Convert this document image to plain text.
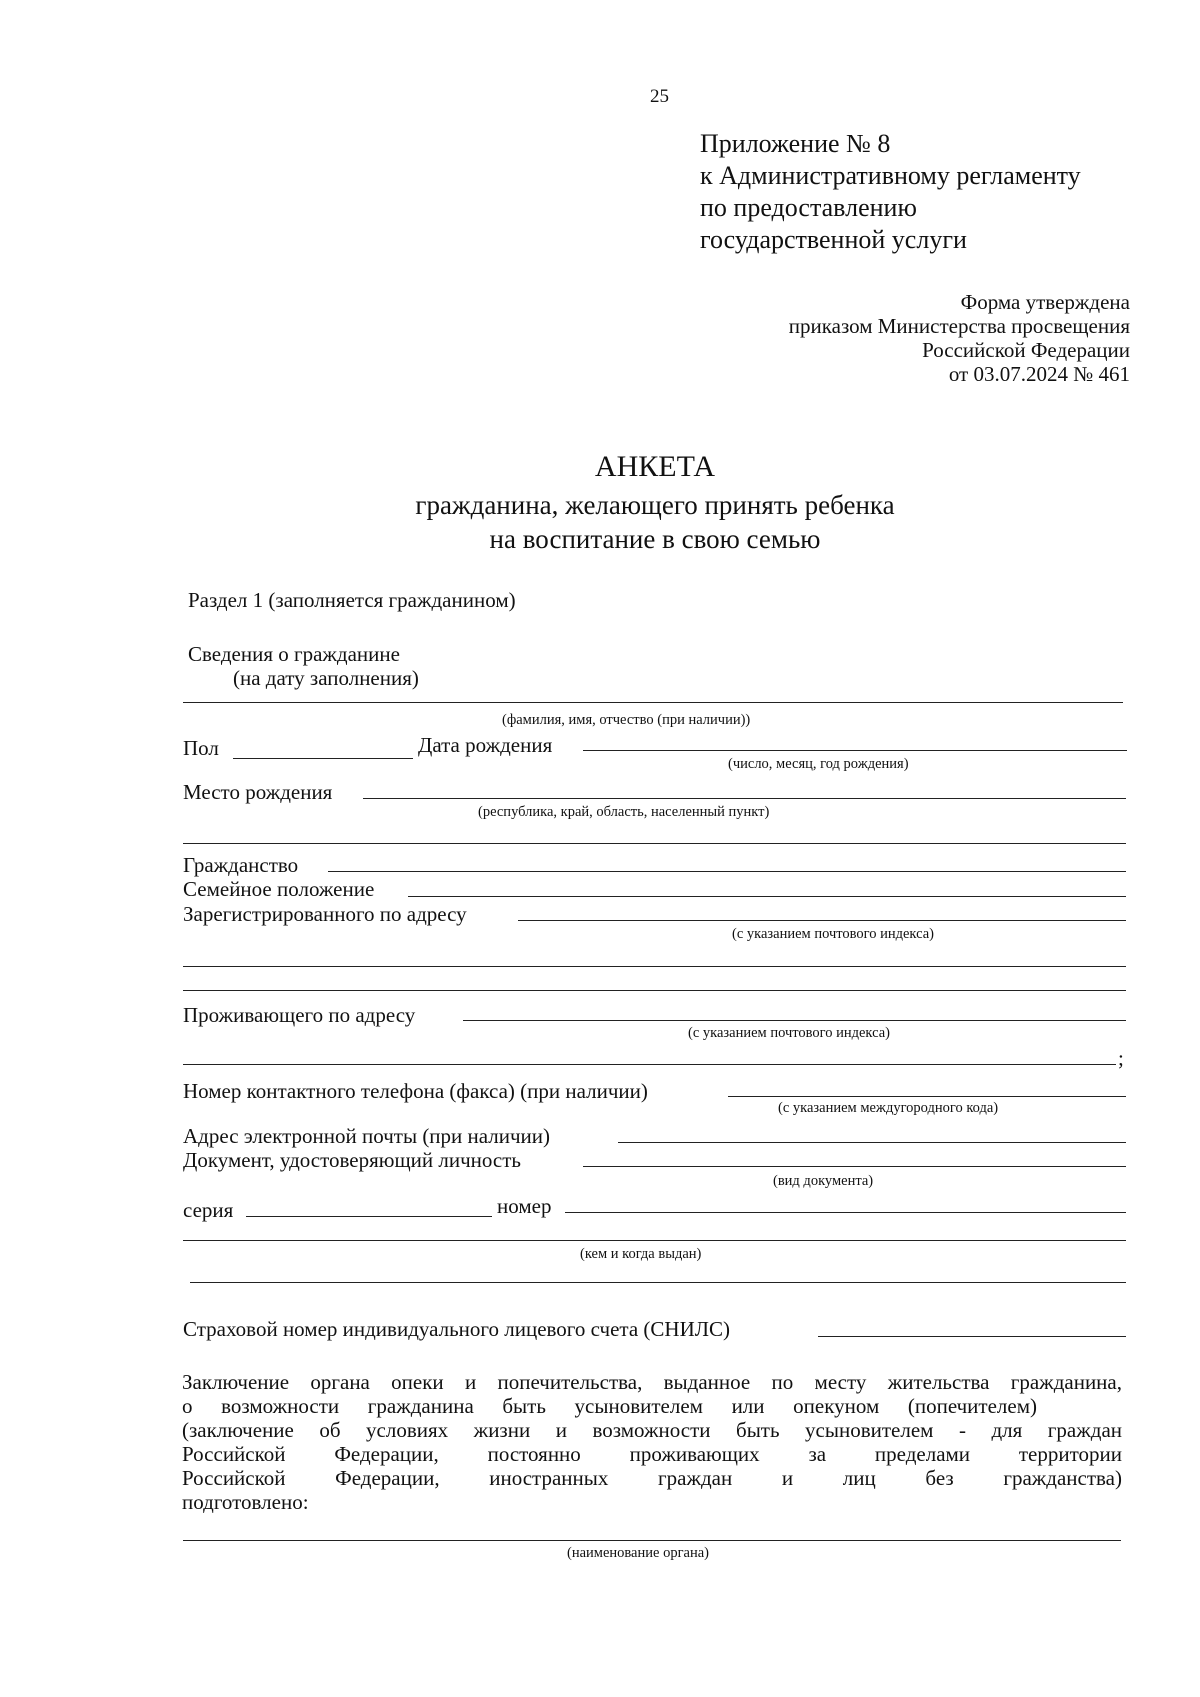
25
Приложение № 8
к Административному регламенту
по предоставлению
государственной услуги
Форма утверждена
приказом Министерства просвещения
Российской Федерации
от 03.07.2024 № 461
АНКЕТА
гражданина, желающего принять ребенка
на воспитание в свою семью
Раздел 1 (заполняется гражданином)
Сведения о гражданине
(на дату заполнения)
(фамилия, имя, отчество (при наличии))
Пол	Дата рождения
(число, месяц, год рождения)
Место рождения
(республика, край, область, населенный пункт)
Гражданство
Семейное положение
Зарегистрированного по адресу
(с указанием почтового индекса)
Проживающего по адресу
(с указанием почтового индекса)
;
Номер контактного телефона (факса) (при наличии)
(с указанием междугородного кода)
Адрес электронной почты (при наличии)
Документ, удостоверяющий личность
(вид документа)
серия	номер
(кем и когда выдан)
Страховой номер индивидуального лицевого счета (СНИЛС)
Заключение органа опеки и попечительства, выданное по месту жительства гражданина,
о возможности гражданина быть усыновителем или опекуном (попечителем)
(заключение об условиях жизни и возможности быть усыновителем - для граждан
Российской Федерации, постоянно проживающих за пределами территории
Российской Федерации, иностранных граждан и лиц без гражданства)
подготовлено:
(наименование органа)
